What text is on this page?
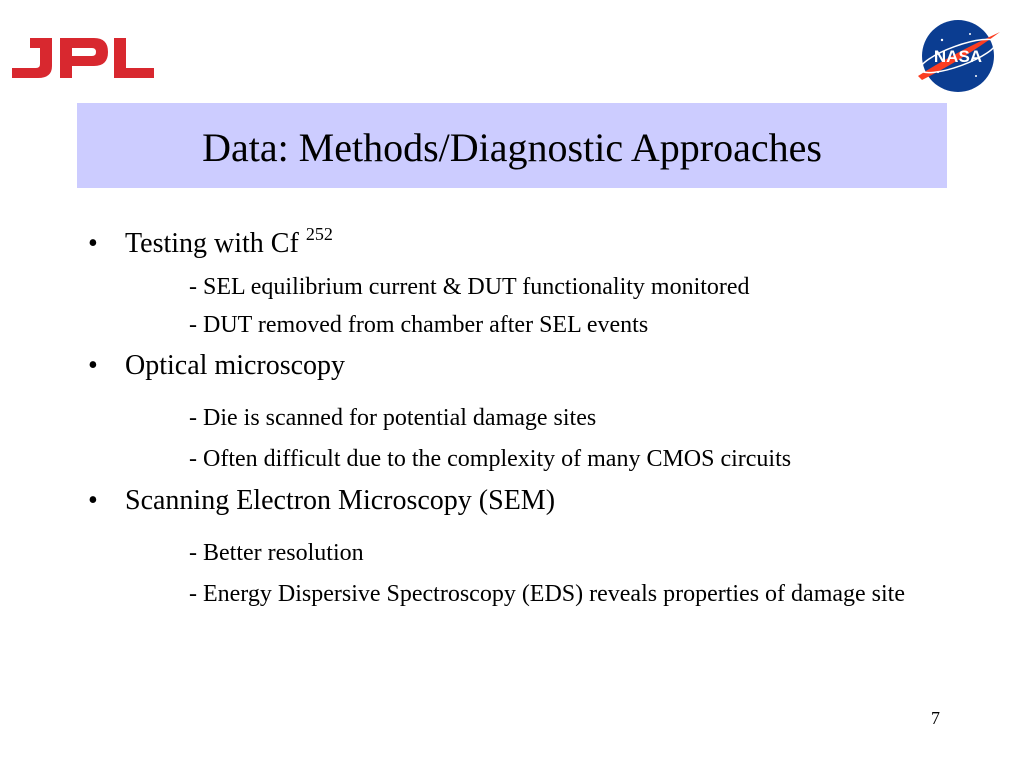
NASA
Data: Methods/Diagnostic Approaches
• Testing with Cf $^{252}$
- SEL equilibrium current & DUT functionality monitored
- DUT removed from chamber after SEL events
• Optical microscopy
- Die is scanned for potential damage sites
- Often difficult due to the complexity of many CMOS circuits
• Scanning Electron Microscopy (SEM)
- Better resolution
- Energy Dispersive Spectroscopy (EDS) reveals properties of damage site
7
